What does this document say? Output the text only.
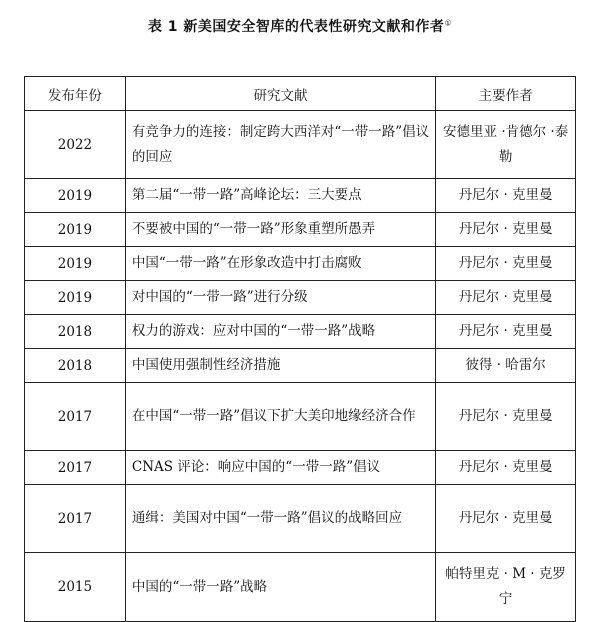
表 1 新美国安全智库的代表性研究文献和作者①
发布年份	研究文献	主要作者
2022	有竞争力的连接：制定跨大西洋对“一带一路”倡议的回应	安德里亚 ·肯德尔 ·泰勒
2019	第二届“一带一路”高峰论坛：三大要点	丹尼尔 · 克里曼
2019	不要被中国的“一带一路”形象重塑所愚弄	丹尼尔 · 克里曼
2019	中国“一带一路”在形象改造中打击腐败	丹尼尔 · 克里曼
2019	对中国的“一带一路”进行分级	丹尼尔 · 克里曼
2018	权力的游戏：应对中国的“一带一路”战略	丹尼尔 · 克里曼
2018	中国使用强制性经济措施	彼得 · 哈雷尔
2017	在中国“一带一路”倡议下扩大美印地缘经济合作	丹尼尔 · 克里曼
2017	CNAS 评论：响应中国的“一带一路”倡议	丹尼尔 · 克里曼
2017	通缉：美国对中国“一带一路”倡议的战略回应	丹尼尔 · 克里曼
2015	中国的“一带一路”战略	帕特里克 · M · 克罗宁
